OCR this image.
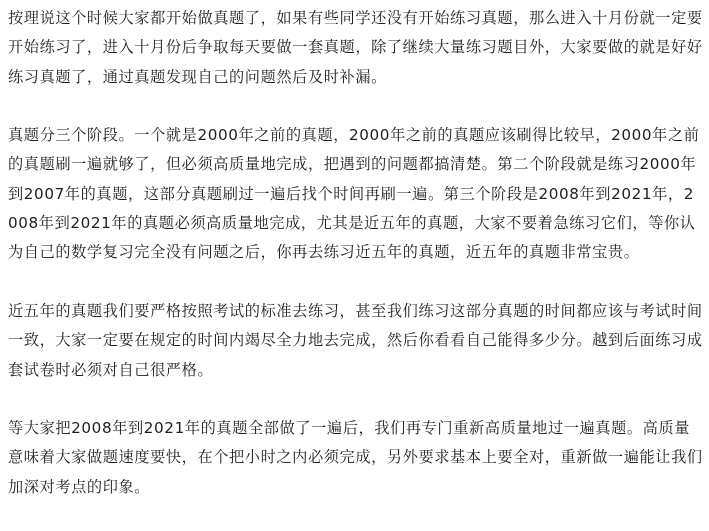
按理说这个时候大家都开始做真题了，如果有些同学还没有开始练习真题，那么进入十月份就一定要开始练习了，进入十月份后争取每天要做一套真题，除了继续大量练习题目外，大家要做的就是好好练习真题了，通过真题发现自己的问题然后及时补漏。

真题分三个阶段。一个就是2000年之前的真题，2000年之前的真题应该刷得比较早，2000年之前的真题刷一遍就够了，但必须高质量地完成，把遇到的问题都搞清楚。第二个阶段就是练习2000年到2007年的真题，这部分真题刷过一遍后找个时间再刷一遍。第三个阶段是2008年到2021年，2008年到2021年的真题必须高质量地完成，尤其是近五年的真题，大家不要着急练习它们，等你认为自己的数学复习完全没有问题之后，你再去练习近五年的真题，近五年的真题非常宝贵。

近五年的真题我们要严格按照考试的标准去练习，甚至我们练习这部分真题的时间都应该与考试时间一致，大家一定要在规定的时间内竭尽全力地去完成，然后你看看自己能得多少分。越到后面练习成套试卷时必须对自己很严格。

等大家把2008年到2021年的真题全部做了一遍后，我们再专门重新高质量地过一遍真题。高质量意味着大家做题速度要快，在个把小时之内必须完成，另外要求基本上要全对，重新做一遍能让我们加深对考点的印象。
